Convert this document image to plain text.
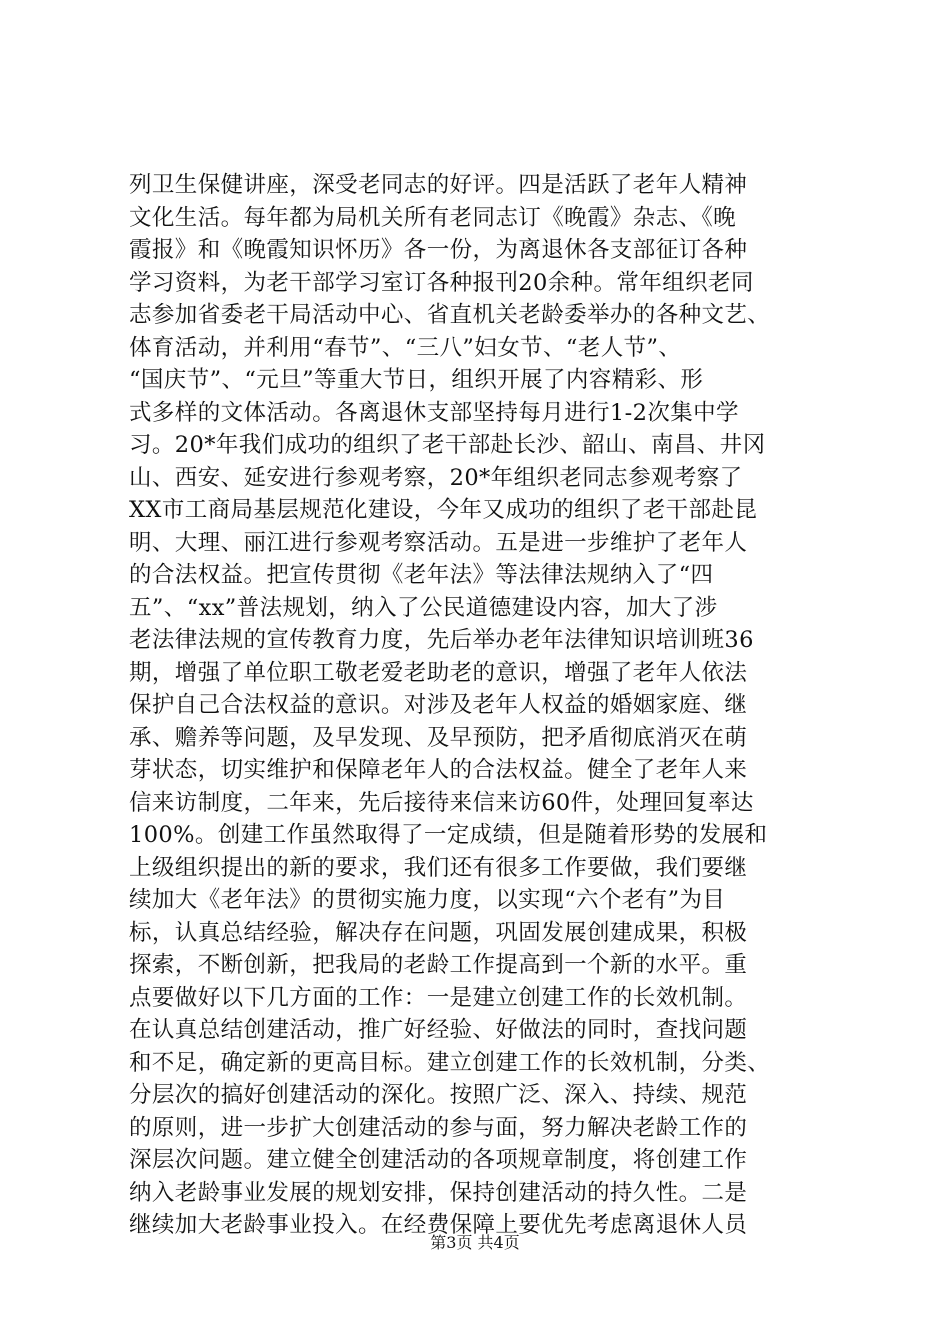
列卫生保健讲座，深受老同志的好评。四是活跃了老年人精神
文化生活。每年都为局机关所有老同志订《晚霞》杂志、《晚
霞报》和《晚霞知识怀历》各一份，为离退休各支部征订各种
学习资料，为老干部学习室订各种报刊20余种。常年组织老同
志参加省委老干局活动中心、省直机关老龄委举办的各种文艺、
体育活动，并利用“春节”、“三八”妇女节、“老人节”、
“国庆节”、“元旦”等重大节日，组织开展了内容精彩、形
式多样的文体活动。各离退休支部坚持每月进行1-2次集中学
习。20*年我们成功的组织了老干部赴长沙、韶山、南昌、井冈
山、西安、延安进行参观考察，20*年组织老同志参观考察了
XX市工商局基层规范化建设，今年又成功的组织了老干部赴昆
明、大理、丽江进行参观考察活动。五是进一步维护了老年人
的合法权益。把宣传贯彻《老年法》等法律法规纳入了“四
五”、“xx”普法规划，纳入了公民道德建设内容，加大了涉
老法律法规的宣传教育力度，先后举办老年法律知识培训班36
期，增强了单位职工敬老爱老助老的意识，增强了老年人依法
保护自己合法权益的意识。对涉及老年人权益的婚姻家庭、继
承、赡养等问题，及早发现、及早预防，把矛盾彻底消灭在萌
芽状态，切实维护和保障老年人的合法权益。健全了老年人来
信来访制度，二年来，先后接待来信来访60件，处理回复率达
100%。创建工作虽然取得了一定成绩，但是随着形势的发展和
上级组织提出的新的要求，我们还有很多工作要做，我们要继
续加大《老年法》的贯彻实施力度，以实现“六个老有”为目
标，认真总结经验，解决存在问题，巩固发展创建成果，积极
探索，不断创新，把我局的老龄工作提高到一个新的水平。重
点要做好以下几方面的工作：一是建立创建工作的长效机制。
在认真总结创建活动，推广好经验、好做法的同时，查找问题
和不足，确定新的更高目标。建立创建工作的长效机制，分类、
分层次的搞好创建活动的深化。按照广泛、深入、持续、规范
的原则，进一步扩大创建活动的参与面，努力解决老龄工作的
深层次问题。建立健全创建活动的各项规章制度，将创建工作
纳入老龄事业发展的规划安排，保持创建活动的持久性。二是
继续加大老龄事业投入。在经费保障上要优先考虑离退休人员
第3页 共4页
